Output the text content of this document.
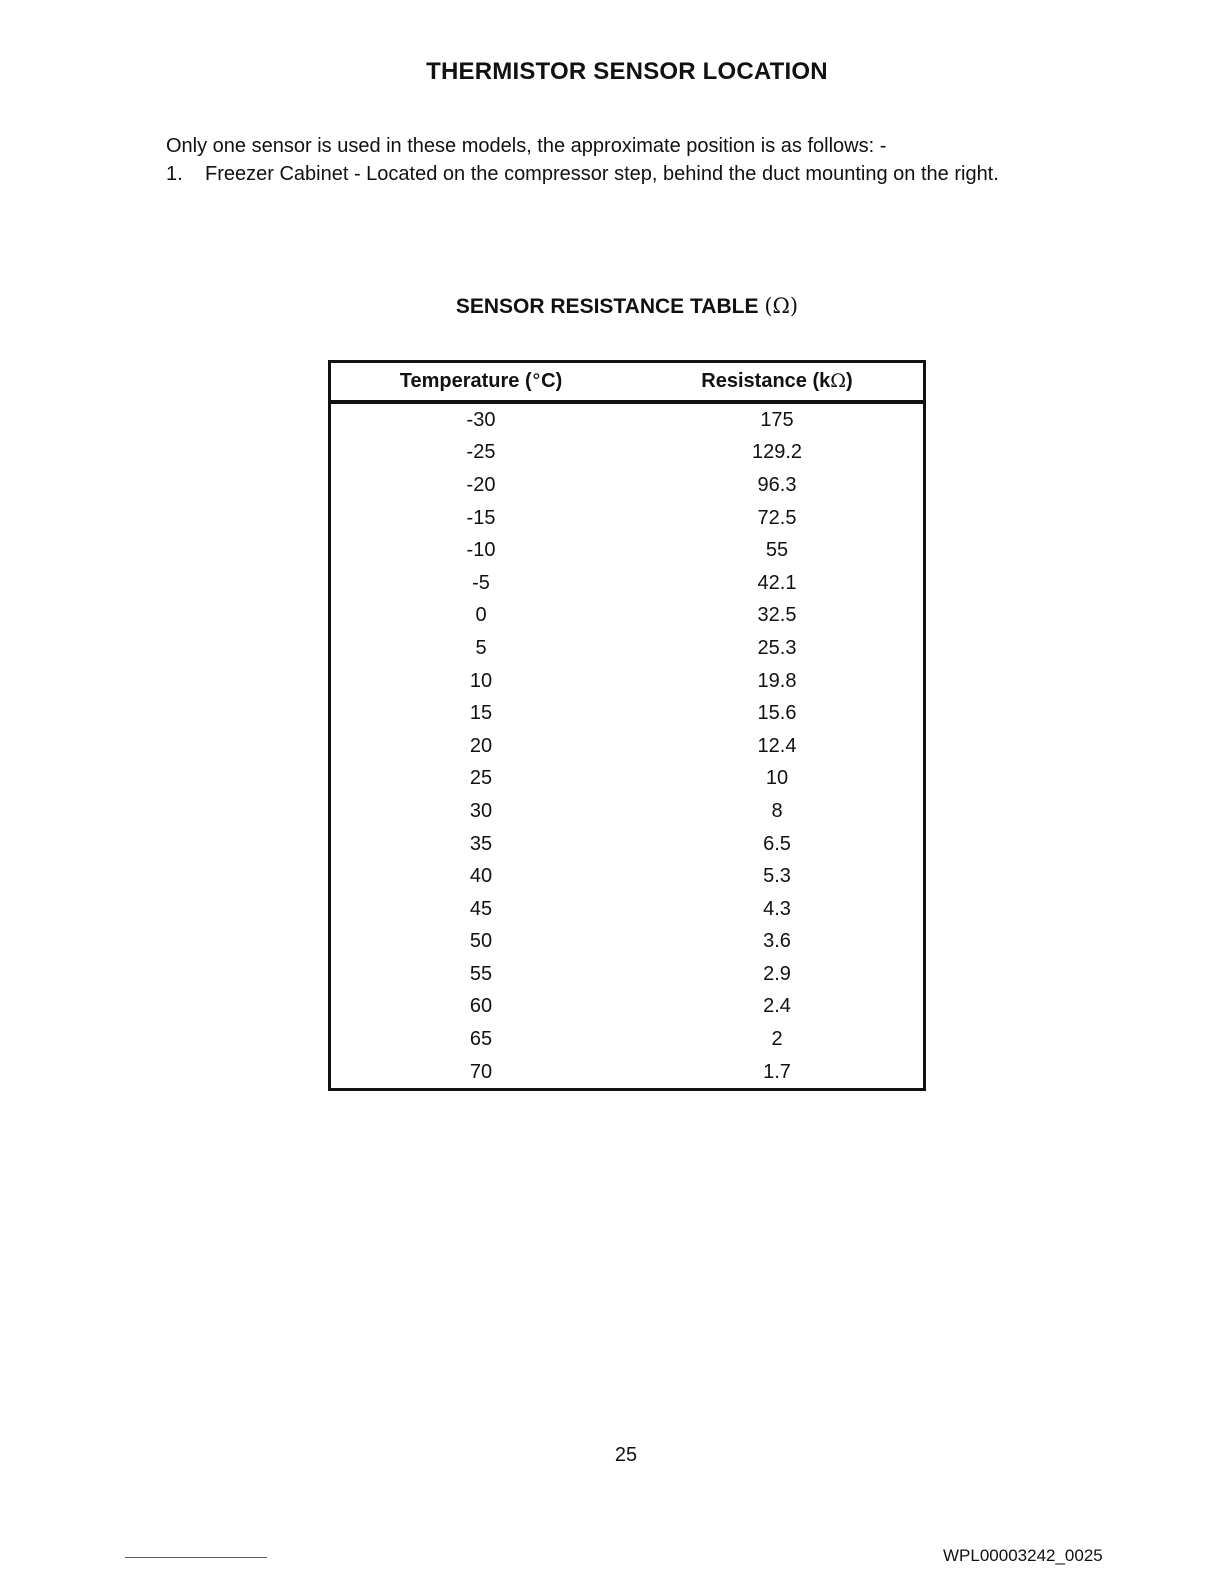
THERMISTOR SENSOR LOCATION
Only one sensor is used in these models, the approximate position is as follows: -
1. Freezer Cabinet - Located on the compressor step, behind the duct mounting on the right.
SENSOR RESISTANCE TABLE (Ω)
Temperature (°C)	Resistance (kΩ)
-30	175
-25	129.2
-20	96.3
-15	72.5
-10	55
-5	42.1
0	32.5
5	25.3
10	19.8
15	15.6
20	12.4
25	10
30	8
35	6.5
40	5.3
45	4.3
50	3.6
55	2.9
60	2.4
65	2
70	1.7
25
WPL00003242_0025
